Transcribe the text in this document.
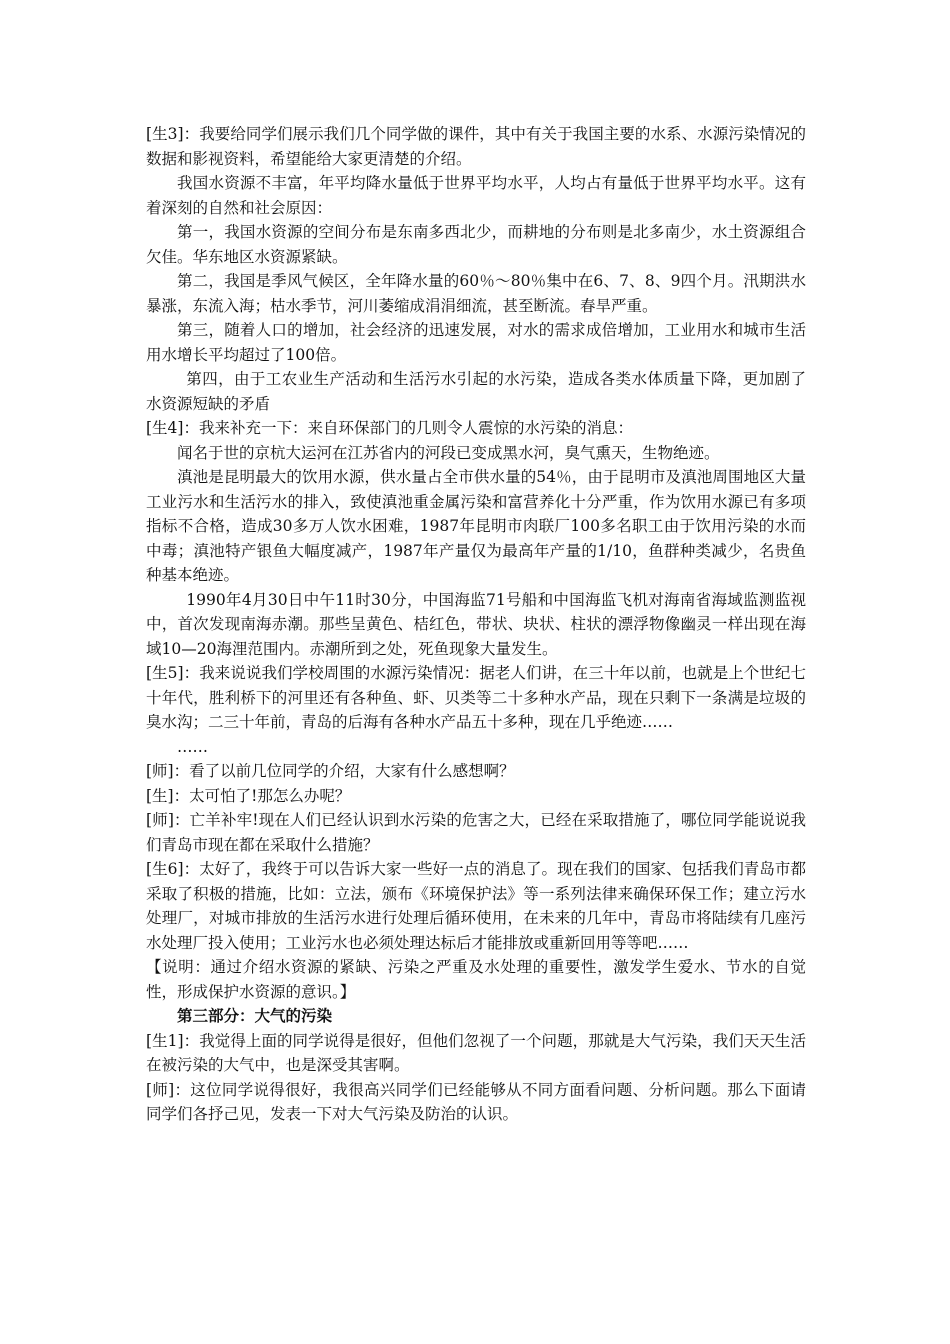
[生3]：我要给同学们展示我们几个同学做的课件，其中有关于我国主要的水系、水源污染情况的数据和影视资料，希望能给大家更清楚的介绍。

我国水资源不丰富，年平均降水量低于世界平均水平，人均占有量低于世界平均水平。这有着深刻的自然和社会原因：

第一，我国水资源的空间分布是东南多西北少，而耕地的分布则是北多南少，水土资源组合欠佳。华东地区水资源紧缺。

第二，我国是季风气候区，全年降水量的60％～80％集中在6、7、8、9四个月。汛期洪水暴涨，东流入海；枯水季节，河川萎缩成涓涓细流，甚至断流。春旱严重。

第三，随着人口的增加，社会经济的迅速发展，对水的需求成倍增加，工业用水和城市生活用水增长平均超过了100倍。

第四，由于工农业生产活动和生活污水引起的水污染，造成各类水体质量下降，更加剧了水资源短缺的矛盾

[生4]：我来补充一下：来自环保部门的几则令人震惊的水污染的消息：

闻名于世的京杭大运河在江苏省内的河段已变成黑水河，臭气熏天，生物绝迹。

滇池是昆明最大的饮用水源，供水量占全市供水量的54％，由于昆明市及滇池周围地区大量工业污水和生活污水的排入，致使滇池重金属污染和富营养化十分严重，作为饮用水源已有多项指标不合格，造成30多万人饮水困难，1987年昆明市肉联厂100多名职工由于饮用污染的水而中毒；滇池特产银鱼大幅度减产，1987年产量仅为最高年产量的1/10，鱼群种类减少，名贵鱼种基本绝迹。

1990年4月30日中午11时30分，中国海监71号船和中国海监飞机对海南省海域监测监视中，首次发现南海赤潮。那些呈黄色、桔红色，带状、块状、柱状的漂浮物像幽灵一样出现在海域10—20海浬范围内。赤潮所到之处，死鱼现象大量发生。

[生5]：我来说说我们学校周围的水源污染情况：据老人们讲，在三十年以前，也就是上个世纪七十年代，胜利桥下的河里还有各种鱼、虾、贝类等二十多种水产品，现在只剩下一条满是垃圾的臭水沟；二三十年前，青岛的后海有各种水产品五十多种，现在几乎绝迹……

……

[师]：看了以前几位同学的介绍，大家有什么感想啊？

[生]：太可怕了!那怎么办呢？

[师]：亡羊补牢!现在人们已经认识到水污染的危害之大，已经在采取措施了，哪位同学能说说我们青岛市现在都在采取什么措施？

[生6]：太好了，我终于可以告诉大家一些好一点的消息了。现在我们的国家、包括我们青岛市都采取了积极的措施，比如：立法，颁布《环境保护法》等一系列法律来确保环保工作；建立污水处理厂，对城市排放的生活污水进行处理后循环使用，在未来的几年中，青岛市将陆续有几座污水处理厂投入使用；工业污水也必须处理达标后才能排放或重新回用等等吧……

【说明：通过介绍水资源的紧缺、污染之严重及水处理的重要性，激发学生爱水、节水的自觉性，形成保护水资源的意识。】

第三部分：大气的污染

[生1]：我觉得上面的同学说得是很好，但他们忽视了一个问题，那就是大气污染，我们天天生活在被污染的大气中，也是深受其害啊。

[师]：这位同学说得很好，我很高兴同学们已经能够从不同方面看问题、分析问题。那么下面请同学们各抒己见，发表一下对大气污染及防治的认识。
